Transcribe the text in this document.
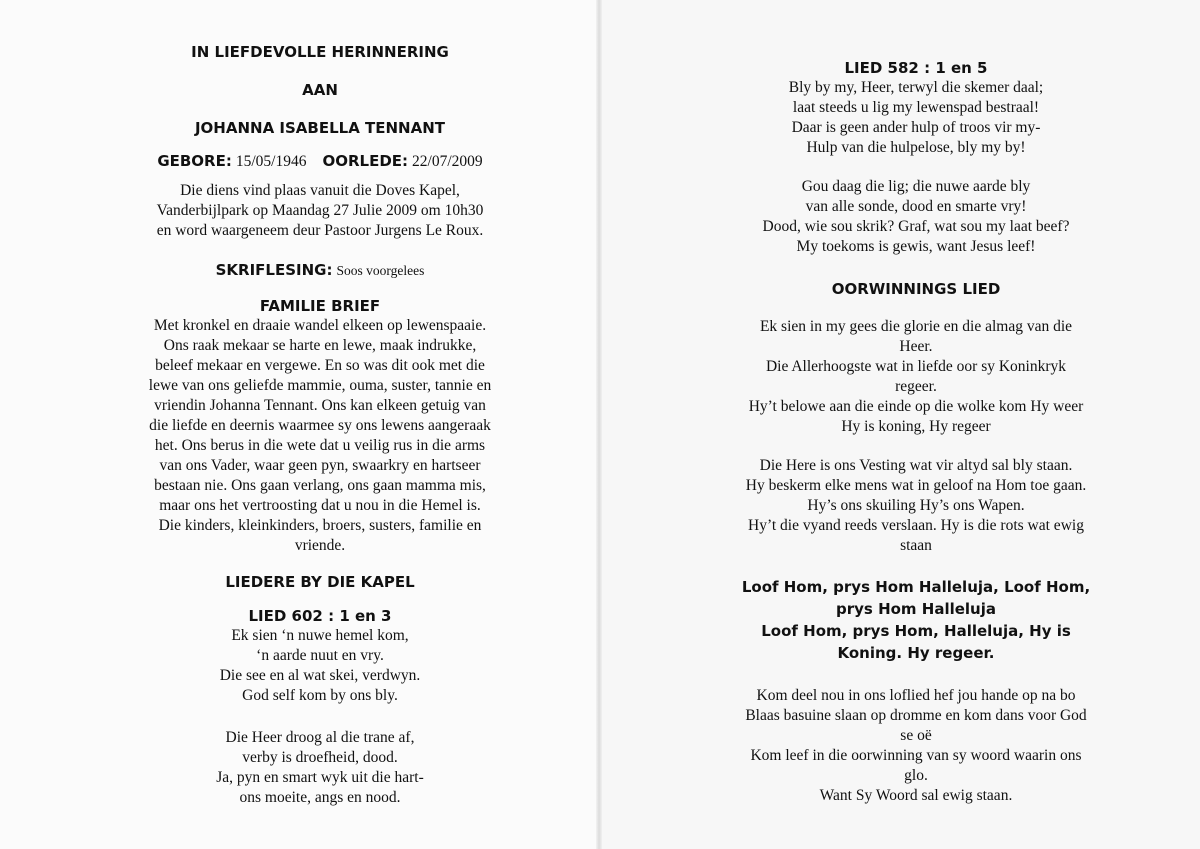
IN LIEFDEVOLLE HERINNERING
AAN
JOHANNA ISABELLA TENNANT
GEBORE: 15/05/1946 OORLEDE: 22/07/2009
Die diens vind plaas vanuit die Doves Kapel,
Vanderbijlpark op Maandag 27 Julie 2009 om 10h30
en word waargeneem deur Pastoor Jurgens Le Roux.
SKRIFLESING: Soos voorgelees
FAMILIE BRIEF
Met kronkel en draaie wandel elkeen op lewenspaaie.
Ons raak mekaar se harte en lewe, maak indrukke,
beleef mekaar en vergewe. En so was dit ook met die
lewe van ons geliefde mammie, ouma, suster, tannie en
vriendin Johanna Tennant. Ons kan elkeen getuig van
die liefde en deernis waarmee sy ons lewens aangeraak
het. Ons berus in die wete dat u veilig rus in die arms
van ons Vader, waar geen pyn, swaarkry en hartseer
bestaan nie. Ons gaan verlang, ons gaan mamma mis,
maar ons het vertroosting dat u nou in die Hemel is.
Die kinders, kleinkinders, broers, susters, familie en
vriende.
LIEDERE BY DIE KAPEL
LIED 602 : 1 en 3
Ek sien ‘n nuwe hemel kom,
‘n aarde nuut en vry.
Die see en al wat skei, verdwyn.
God self kom by ons bly.
Die Heer droog al die trane af,
verby is droefheid, dood.
Ja, pyn en smart wyk uit die hart-
ons moeite, angs en nood.
LIED 582 : 1 en 5
Bly by my, Heer, terwyl die skemer daal;
laat steeds u lig my lewenspad bestraal!
Daar is geen ander hulp of troos vir my-
Hulp van die hulpelose, bly my by!
Gou daag die lig; die nuwe aarde bly
van alle sonde, dood en smarte vry!
Dood, wie sou skrik? Graf, wat sou my laat beef?
My toekoms is gewis, want Jesus leef!
OORWINNINGS LIED
Ek sien in my gees die glorie en die almag van die
Heer.
Die Allerhoogste wat in liefde oor sy Koninkryk
regeer.
Hy’t belowe aan die einde op die wolke kom Hy weer
Hy is koning, Hy regeer
Die Here is ons Vesting wat vir altyd sal bly staan.
Hy beskerm elke mens wat in geloof na Hom toe gaan.
Hy’s ons skuiling Hy’s ons Wapen.
Hy’t die vyand reeds verslaan. Hy is die rots wat ewig
staan
Loof Hom, prys Hom Halleluja, Loof Hom,
prys Hom Halleluja
Loof Hom, prys Hom, Halleluja, Hy is
Koning. Hy regeer.
Kom deel nou in ons loflied hef jou hande op na bo
Blaas basuine slaan op dromme en kom dans voor God
se oë
Kom leef in die oorwinning van sy woord waarin ons
glo.
Want Sy Woord sal ewig staan.
